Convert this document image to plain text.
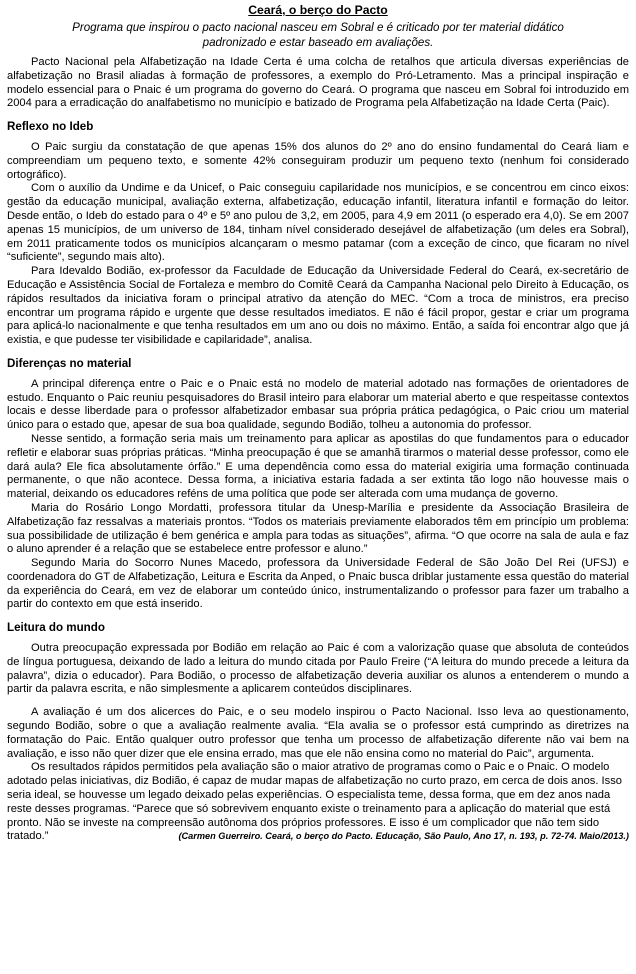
Ceará, o berço do Pacto
Programa que inspirou o pacto nacional nasceu em Sobral e é criticado por ter material didático
padronizado e estar baseado em avaliações.

Pacto Nacional pela Alfabetização na Idade Certa é uma colcha de retalhos que articula diversas experiências de alfabetização no Brasil aliadas à formação de professores, a exemplo do Pró-Letramento. Mas a principal inspiração e modelo essencial para o Pnaic é um programa do governo do Ceará. O programa que nasceu em Sobral foi introduzido em 2004 para a erradicação do analfabetismo no município e batizado de Programa pela Alfabetização na Idade Certa (Paic).

Reflexo no Ideb

O Paic surgiu da constatação de que apenas 15% dos alunos do 2º ano do ensino fundamental do Ceará liam e compreendiam um pequeno texto, e somente 42% conseguiram produzir um pequeno texto (nenhum foi considerado ortográfico).

Com o auxílio da Undime e da Unicef, o Paic conseguiu capilaridade nos municípios, e se concentrou em cinco eixos: gestão da educação municipal, avaliação externa, alfabetização, educação infantil, literatura infantil e formação do leitor. Desde então, o Ideb do estado para o 4º e 5º ano pulou de 3,2, em 2005, para 4,9 em 2011 (o esperado era 4,0). Se em 2007 apenas 15 municípios, de um universo de 184, tinham nível considerado desejável de alfabetização (um deles era Sobral), em 2011 praticamente todos os municípios alcançaram o mesmo patamar (com a exceção de cinco, que ficaram no nível “suficiente”, segundo mais alto).

Para Idevaldo Bodião, ex-professor da Faculdade de Educação da Universidade Federal do Ceará, ex-secretário de Educação e Assistência Social de Fortaleza e membro do Comitê Ceará da Campanha Nacional pelo Direito à Educação, os rápidos resultados da iniciativa foram o principal atrativo da atenção do MEC. “Com a troca de ministros, era preciso encontrar um programa rápido e urgente que desse resultados imediatos. E não é fácil propor, gestar e criar um programa para aplicá-lo nacionalmente e que tenha resultados em um ano ou dois no máximo. Então, a saída foi encontrar algo que já existia, e que pudesse ter visibilidade e capilaridade”, analisa.

Diferenças no material

A principal diferença entre o Paic e o Pnaic está no modelo de material adotado nas formações de orientadores de estudo. Enquanto o Paic reuniu pesquisadores do Brasil inteiro para elaborar um material aberto e que respeitasse contextos locais e desse liberdade para o professor alfabetizador embasar sua própria prática pedagógica, o Paic criou um material único para o estado que, apesar de sua boa qualidade, segundo Bodião, tolheu a autonomia do professor.

Nesse sentido, a formação seria mais um treinamento para aplicar as apostilas do que fundamentos para o educador refletir e elaborar suas próprias práticas. “Minha preocupação é que se amanhã tirarmos o material desse professor, como ele dará aula? Ele fica absolutamente órfão.” E uma dependência como essa do material exigiria uma formação continuada permanente, o que não acontece. Dessa forma, a iniciativa estaria fadada a ser extinta tão logo não houvesse mais o material, deixando os educadores reféns de uma política que pode ser alterada com uma mudança de governo.

Maria do Rosário Longo Mordatti, professora titular da Unesp-Marília e presidente da Associação Brasileira de Alfabetização faz ressalvas a materiais prontos. “Todos os materiais previamente elaborados têm em princípio um problema: sua possibilidade de utilização é bem genérica e ampla para todas as situações”, afirma. “O que ocorre na sala de aula e faz o aluno aprender é a relação que se estabelece entre professor e aluno.”

Segundo Maria do Socorro Nunes Macedo, professora da Universidade Federal de São João Del Rei (UFSJ) e coordenadora do GT de Alfabetização, Leitura e Escrita da Anped, o Pnaic busca driblar justamente essa questão do material da experiência do Ceará, em vez de elaborar um conteúdo único, instrumentalizando o professor para fazer um trabalho a partir do contexto em que está inserido.

Leitura do mundo

Outra preocupação expressada por Bodião em relação ao Paic é com a valorização quase que absoluta de conteúdos de língua portuguesa, deixando de lado a leitura do mundo citada por Paulo Freire (“A leitura do mundo precede a leitura da palavra”, dizia o educador). Para Bodião, o processo de alfabetização deveria auxiliar os alunos a entenderem o mundo a partir da palavra escrita, e não simplesmente a aplicarem conteúdos disciplinares.

A avaliação é um dos alicerces do Paic, e o seu modelo inspirou o Pacto Nacional. Isso leva ao questionamento, segundo Bodião, sobre o que a avaliação realmente avalia. “Ela avalia se o professor está cumprindo as diretrizes na formatação do Paic. Então qualquer outro professor que tenha um processo de alfabetização diferente não vai bem na avaliação, e isso não quer dizer que ele ensina errado, mas que ele não ensina como no material do Paic”, argumenta.

Os resultados rápidos permitidos pela avaliação são o maior atrativo de programas como o Paic e o Pnaic. O modelo adotado pelas iniciativas, diz Bodião, é capaz de mudar mapas de alfabetização no curto prazo, em cerca de dois anos. Isso seria ideal, se houvesse um legado deixado pelas experiências. O especialista teme, dessa forma, que em dez anos nada reste desses programas. “Parece que só sobrevivem enquanto existe o treinamento para a aplicação do material que está pronto. Não se investe na compreensão autônoma dos próprios professores. E isso é um complicador que não tem sido tratado.”	(Carmen Guerreiro. Ceará, o berço do Pacto. Educação, São Paulo, Ano 17, n. 193, p. 72-74. Maio/2013.)
